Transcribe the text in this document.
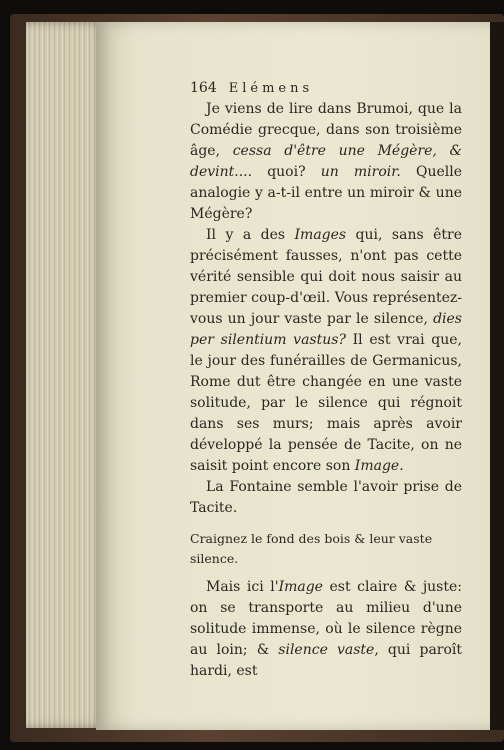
164 Elémens

Je viens de lire dans Brumoi, que la Comédie grecque, dans son troisième âge, cessa d'être une Mégère, & devint.... quoi? un miroir. Quelle analogie y a-t-il entre un miroir & une Mégère?

Il y a des Images qui, sans être précisément fausses, n'ont pas cette vérité sensible qui doit nous saisir au premier coup-d'œil. Vous représentez-vous un jour vaste par le silence, dies per silentium vastus? Il est vrai que, le jour des funérailles de Germanicus, Rome dut être changée en une vaste solitude, par le silence qui régnoit dans ses murs; mais après avoir développé la pensée de Tacite, on ne saisit point encore son Image.

La Fontaine semble l'avoir prise de Tacite.

Craignez le fond des bois & leur vaste silence.

Mais ici l'Image est claire & juste: on se transporte au milieu d'une solitude immense, où le silence règne au loin; & silence vaste, qui paroît hardi, est
